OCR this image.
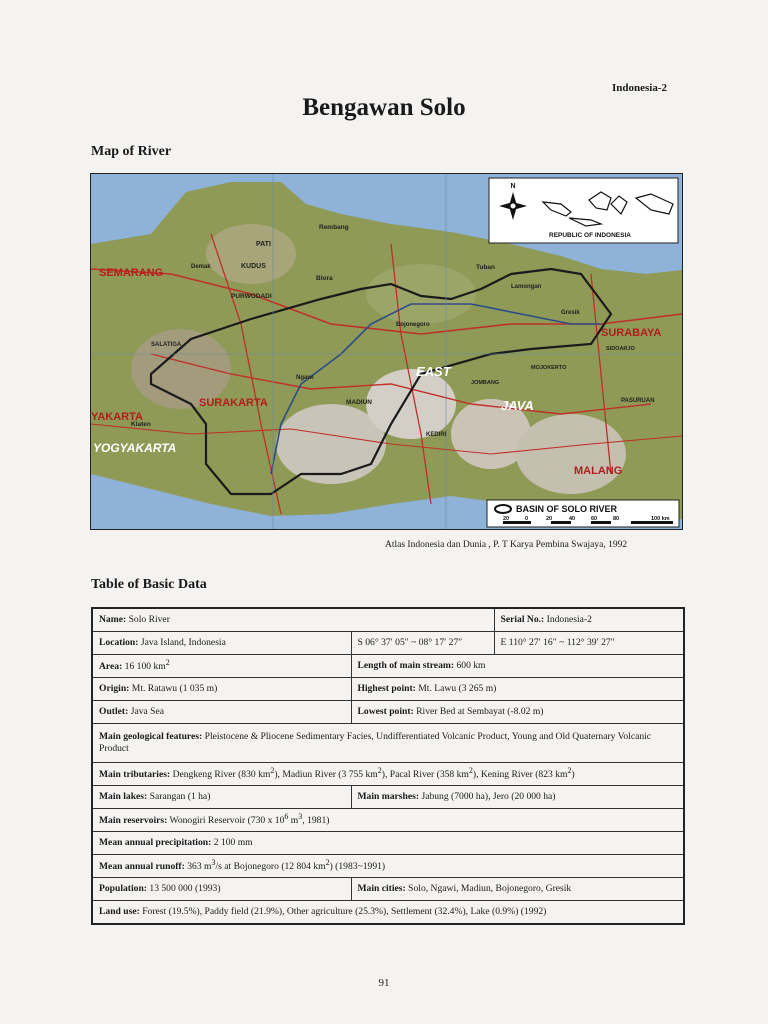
Indonesia-2
Bengawan Solo
Map of River
SEMARANG
KUDUS
PATI
Demak
Rembang
Blora
Tuban
PURWODADI
SALATIGA
Bojonegoro
Lamongan
Gresik
SURABAYA
SIDOARJO
MOJOKERTO
JOMBANG
EAST
JAVA
MADIUN
Ngawi
SURAKARTA
Klaten
YAKARTA
YOGYAKARTA
KEDIRI
MALANG
PASURUAN
N
REPUBLIC OF INDONESIA
BASIN OF SOLO RIVER
20	0	20	40	60	80	100 km
Atlas Indonesia dan Dunia , P. T Karya Pembina Swajaya, 1992
Table of Basic Data
Name: Solo River		Serial No.: Indonesia-2
Location: Java Island, Indonesia	S 06° 37′ 05″ ~ 08° 17′ 27″	E 110° 27′ 16″ ~ 112° 39′ 27″
Area: 16 100 $km^2$	Length of main stream: 600 km	
Origin: Mt. Ratawu (1 035 m)	Highest point: Mt. Lawu (3 265 m)	
Outlet: Java Sea	Lowest point: River Bed at Sembayat (-8.02 m)	
Main geological features: Pleistocene & Pliocene Sedimentary Facies, Undifferentiated Volcanic Product, Young and Old Quaternary Volcanic Product		
Main tributaries: Dengkeng River (830 $km^2$), Madiun River (3 755 $km^2$), Pacal River (358 $km^2$), Kening River (823 $km^2$)		
Main lakes: Sarangan (1 ha)	Main marshes: Jabung (7000 ha), Jero (20 000 ha)	
Main reservoirs: Wonogiri Reservoir (730 x $10^6$ $m^3$, 1981)		
Mean annual precipitation: 2 100 mm		
Mean annual runoff: 363 $m^3/s$ at Bojonegoro (12 804 $km^2$) (1983~1991)		
Population: 13 500 000 (1993)	Main cities: Solo, Ngawi, Madiun, Bojonegoro, Gresik	
Land use: Forest (19.5%), Paddy field (21.9%), Other agriculture (25.3%), Settlement (32.4%), Lake (0.9%) (1992)		
91
